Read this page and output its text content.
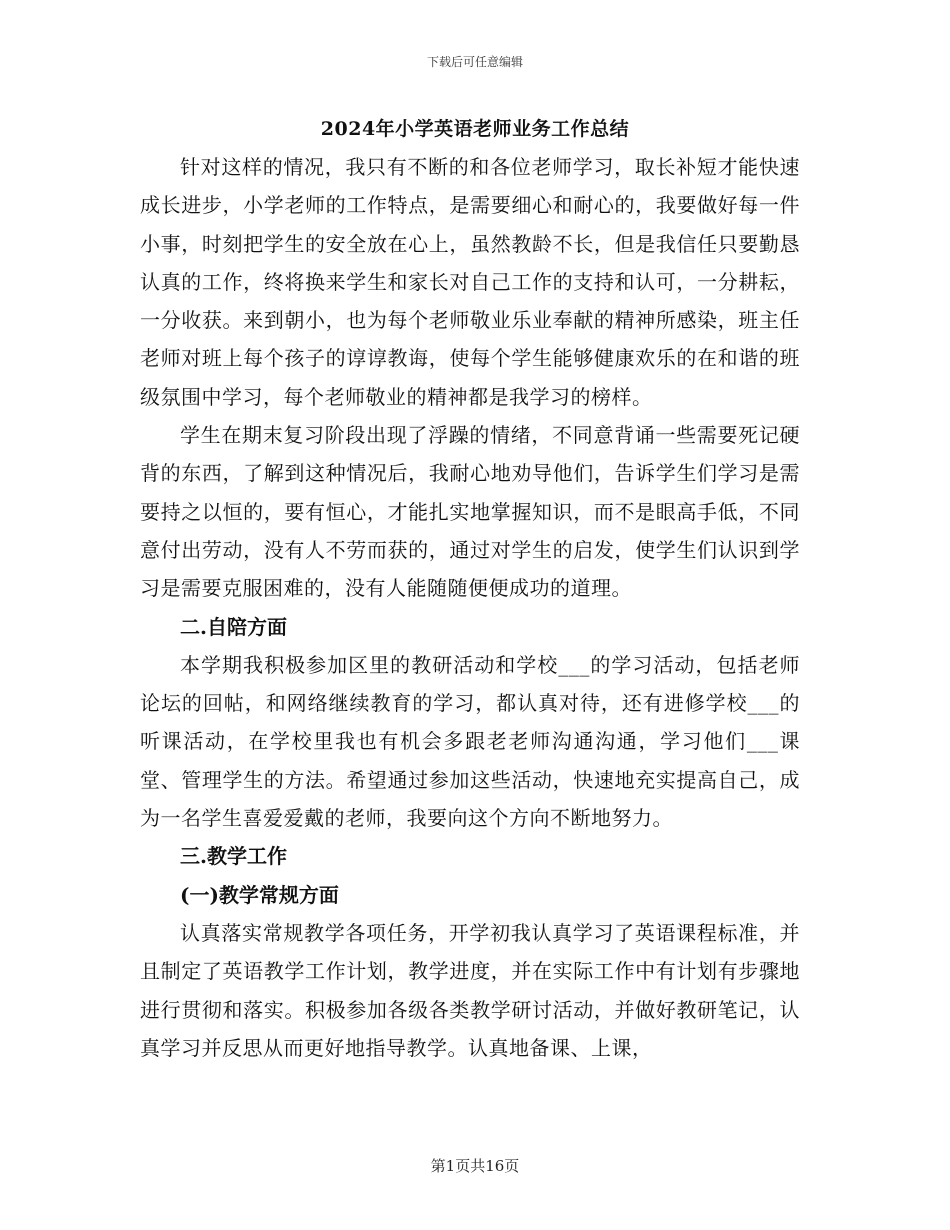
下载后可任意编辑
2024年小学英语老师业务工作总结

针对这样的情况，我只有不断的和各位老师学习，取长补短才能快速成长进步，小学老师的工作特点，是需要细心和耐心的，我要做好每一件小事，时刻把学生的安全放在心上，虽然教龄不长，但是我信任只要勤恳认真的工作，终将换来学生和家长对自己工作的支持和认可，一分耕耘，一分收获。来到朝小，也为每个老师敬业乐业奉献的精神所感染，班主任老师对班上每个孩子的谆谆教诲，使每个学生能够健康欢乐的在和谐的班级氛围中学习，每个老师敬业的精神都是我学习的榜样。

学生在期末复习阶段出现了浮躁的情绪，不同意背诵一些需要死记硬背的东西，了解到这种情况后，我耐心地劝导他们，告诉学生们学习是需要持之以恒的，要有恒心，才能扎实地掌握知识，而不是眼高手低，不同意付出劳动，没有人不劳而获的，通过对学生的启发，使学生们认识到学习是需要克服困难的，没有人能随随便便成功的道理。

二.自陪方面

本学期我积极参加区里的教研活动和学校___的学习活动，包括老师论坛的回帖，和网络继续教育的学习，都认真对待，还有进修学校___的听课活动，在学校里我也有机会多跟老老师沟通沟通，学习他们___课堂、管理学生的方法。希望通过参加这些活动，快速地充实提高自己，成为一名学生喜爱爱戴的老师，我要向这个方向不断地努力。

三.教学工作

(一)教学常规方面

认真落实常规教学各项任务，开学初我认真学习了英语课程标准，并且制定了英语教学工作计划，教学进度，并在实际工作中有计划有步骤地进行贯彻和落实。积极参加各级各类教学研讨活动，并做好教研笔记，认真学习并反思从而更好地指导教学。认真地备课、上课，

第1页共16页
